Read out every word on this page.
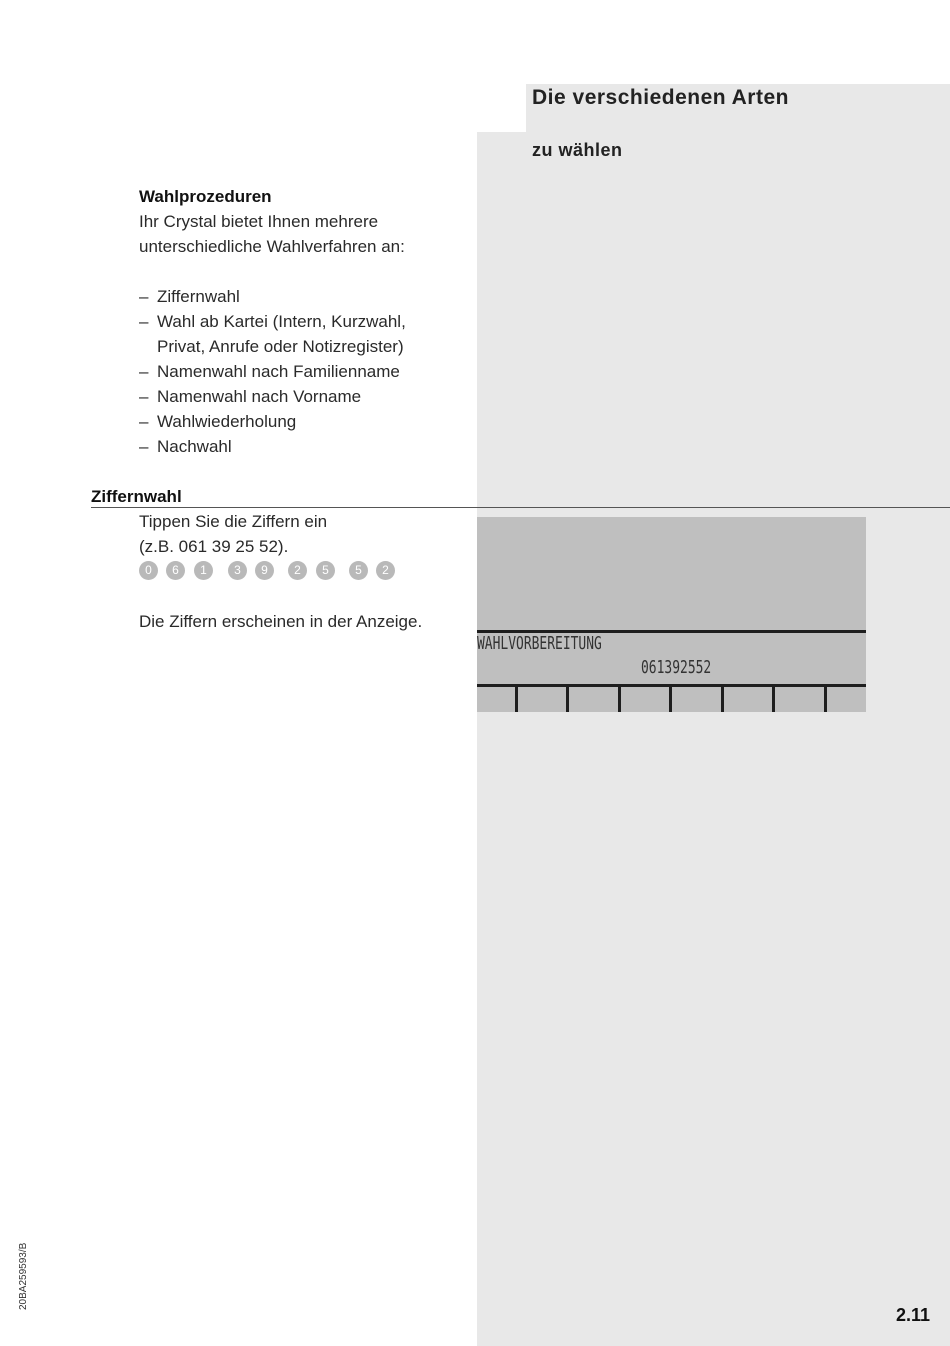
Die verschiedenen Arten
zu wählen
Wahlprozeduren
Ihr Crystal bietet Ihnen mehrere
unterschiedliche Wahlverfahren an:
– Ziffernwahl
– Wahl ab Kartei (Intern, Kurzwahl,
Privat, Anrufe oder Notizregister)
– Namenwahl nach Familienname
– Namenwahl nach Vorname
– Wahlwiederholung
– Nachwahl
Ziffernwahl
Tippen Sie die Ziffern ein
(z.B. 061 39 25 52).
0	6	1	3	9	2	5	5	2
Die Ziffern erscheinen in der Anzeige.
WAHLVORBEREITUNG
061392552
20BA259593/B
2.11
